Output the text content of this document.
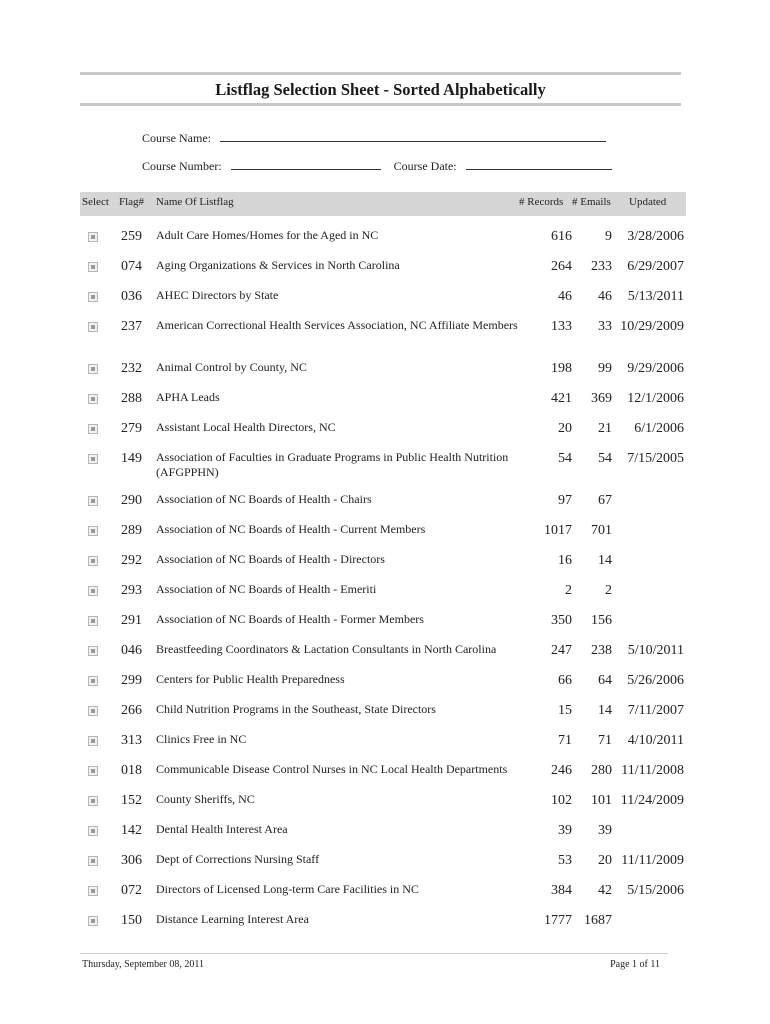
Listflag Selection Sheet - Sorted Alphabetically
Course Name:
Course Number:	Course Date:
Select Flag# Name Of Listflag	# Records # Emails Updated
259 Adult Care Homes/Homes for the Aged in NC	616	9	3/28/2006
074 Aging Organizations & Services in North Carolina	264	233	6/29/2007
036 AHEC Directors by State	46	46	5/13/2011
237 American Correctional Health Services Association, NC Affiliate Members	133	33 10/29/2009
232 Animal Control by County, NC	198	99	9/29/2006
288 APHA Leads	421	369	12/1/2006
279 Assistant Local Health Directors, NC	20	21	6/1/2006
149 Association of Faculties in Graduate Programs in Public Health Nutrition (AFGPPHN)
54	54	7/15/2005
290 Association of NC Boards of Health - Chairs	97	67
289 Association of NC Boards of Health - Current Members	1017	701
292 Association of NC Boards of Health - Directors	16	14
293 Association of NC Boards of Health - Emeriti	2	2
291 Association of NC Boards of Health - Former Members	350	156
046 Breastfeeding Coordinators & Lactation Consultants in North Carolina	247	238	5/10/2011
299 Centers for Public Health Preparedness	66	64	5/26/2006
266 Child Nutrition Programs in the Southeast, State Directors	15	14	7/11/2007
313 Clinics Free in NC	71	71	4/10/2011
018 Communicable Disease Control Nurses in NC Local Health Departments	246	280 11/11/2008
152 County Sheriffs, NC	102	101 11/24/2009
142 Dental Health Interest Area	39	39
306 Dept of Corrections Nursing Staff	53	20 11/11/2009
072 Directors of Licensed Long-term Care Facilities in NC	384	42	5/15/2006
150 Distance Learning Interest Area	1777 1687
Thursday, September 08, 2011	Page 1 of 11
